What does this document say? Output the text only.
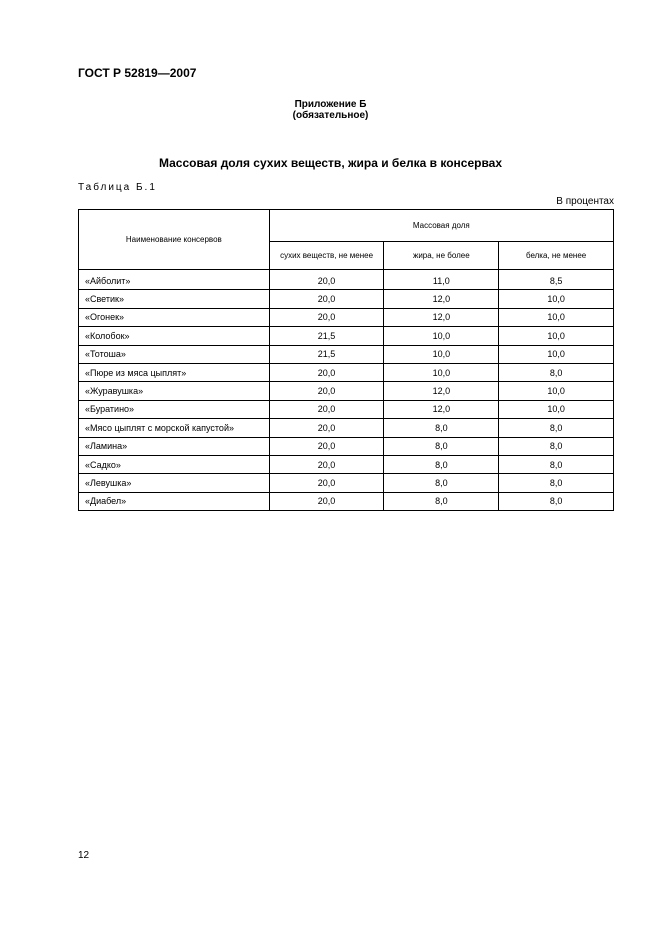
ГОСТ Р 52819—2007
Приложение Б
(обязательное)
Массовая доля сухих веществ, жира и белка в консервах
Таблица Б.1
В процентах
Наименование консервов	Массовая доля		
	сухих веществ, не менее	жира, не более	белка, не менее
«Айболит»	20,0	11,0	8,5
«Светик»	20,0	12,0	10,0
«Огонек»	20,0	12,0	10,0
«Колобок»	21,5	10,0	10,0
«Тотоша»	21,5	10,0	10,0
«Пюре из мяса цыплят»	20,0	10,0	8,0
«Журавушка»	20,0	12,0	10,0
«Буратино»	20,0	12,0	10,0
«Мясо цыплят с морской капустой»	20,0	8,0	8,0
«Ламина»	20,0	8,0	8,0
«Садко»	20,0	8,0	8,0
«Левушка»	20,0	8,0	8,0
«Диабел»	20,0	8,0	8,0
12
